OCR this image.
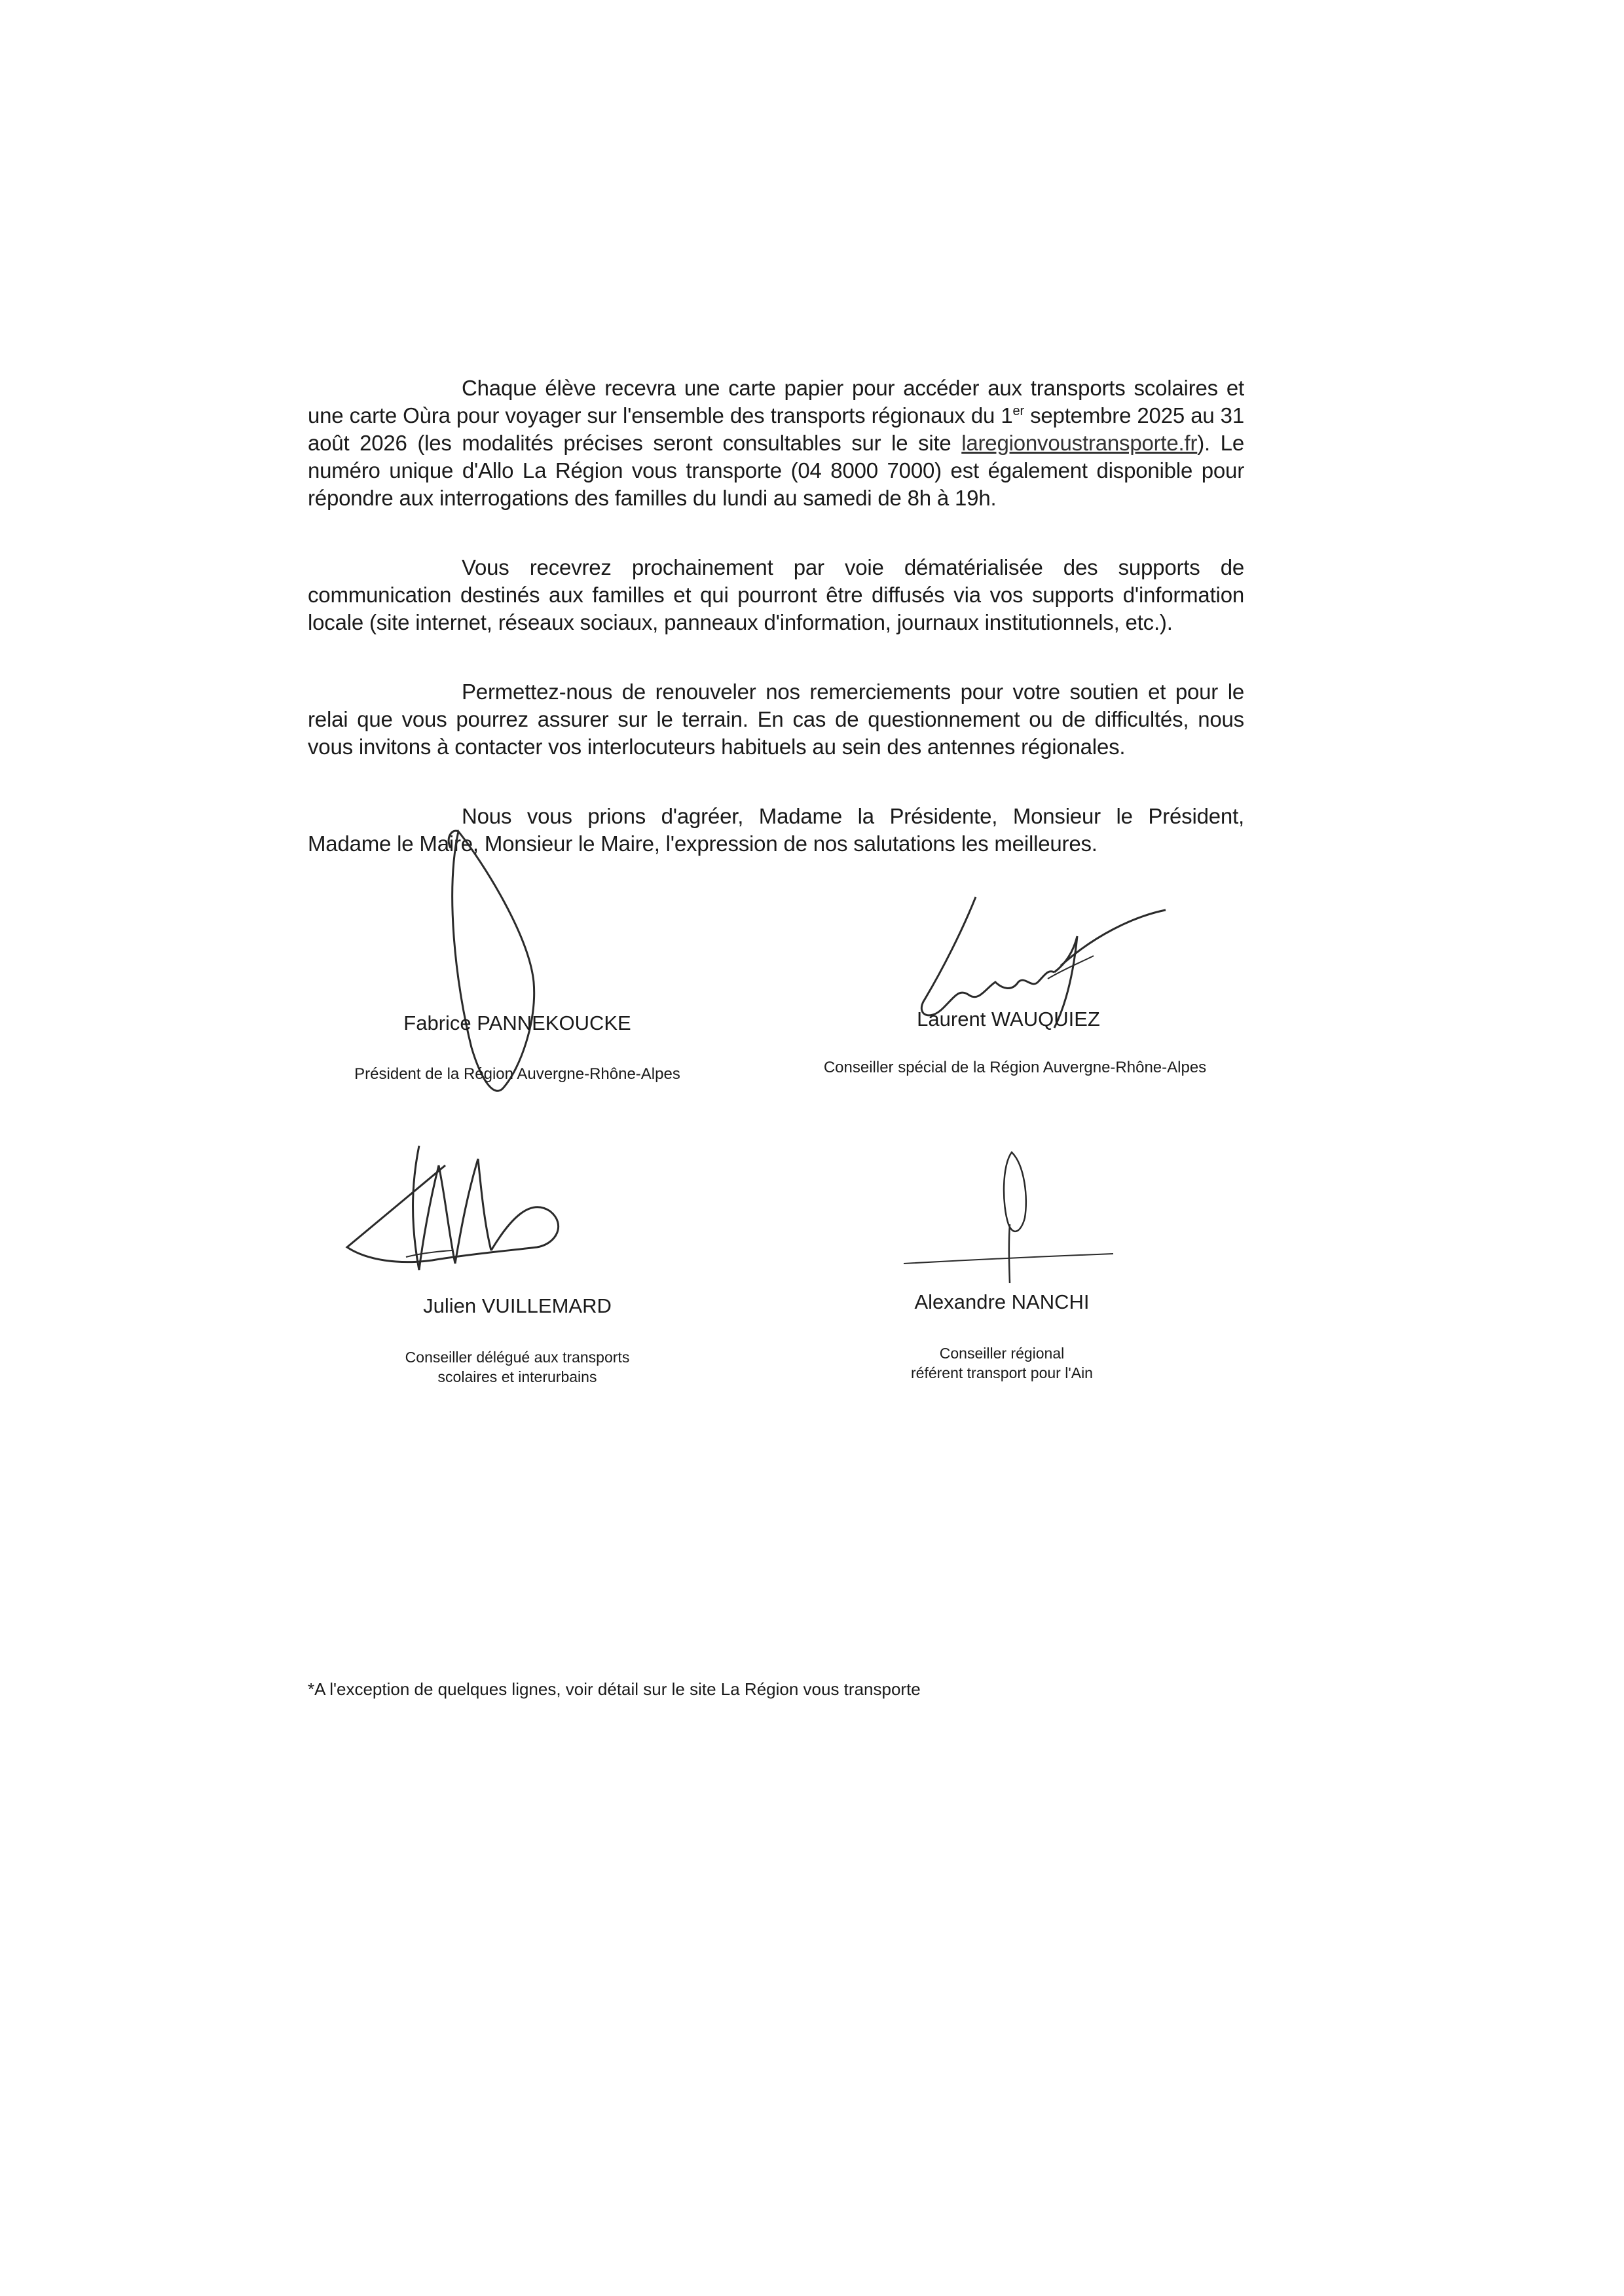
Chaque élève recevra une carte papier pour accéder aux transports scolaires et une carte Oùra pour voyager sur l'ensemble des transports régionaux du 1er septembre 2025 au 31 août 2026 (les modalités précises seront consultables sur le site laregionvoustransporte.fr). Le numéro unique d'Allo La Région vous transporte (04 8000 7000) est également disponible pour répondre aux interrogations des familles du lundi au samedi de 8h à 19h.

Vous recevrez prochainement par voie dématérialisée des supports de communication destinés aux familles et qui pourront être diffusés via vos supports d'information locale (site internet, réseaux sociaux, panneaux d'information, journaux institutionnels, etc.).

Permettez-nous de renouveler nos remerciements pour votre soutien et pour le relai que vous pourrez assurer sur le terrain. En cas de questionnement ou de difficultés, nous vous invitons à contacter vos interlocuteurs habituels au sein des antennes régionales.

Nous vous prions d'agréer, Madame la Présidente, Monsieur le Président, Madame le Maire, Monsieur le Maire, l'expression de nos salutations les meilleures.

Fabrice PANNEKOUCKE
Président de la Région Auvergne-Rhône-Alpes
Laurent WAUQUIEZ
Conseiller spécial de la Région Auvergne-Rhône-Alpes
Julien VUILLEMARD
Conseiller délégué aux transports
scolaires et interurbains
Alexandre NANCHI
Conseiller régional
référent transport pour l'Ain
*A l'exception de quelques lignes, voir détail sur le site La Région vous transporte
